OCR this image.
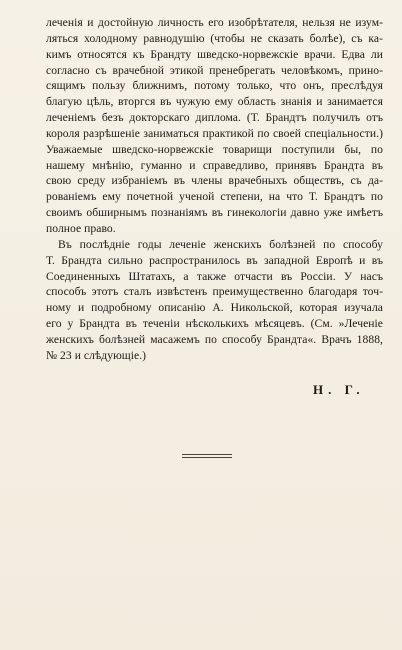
леченія и достойную личность его изобрѣтателя, нельзя не изум-
ляться холодному равнодушію (чтобы не сказать болѣе), съ ка-
кимъ относятся къ Брандту шведско-норвежскіе врачи. Едва ли
согласно съ врачебной этикой пренебрегать человѣкомъ, прино-
сящимъ пользу ближнимъ, потому только, что онъ, преслѣдуя
благую цѣль, вторгся въ чужую ему область знанія и занимается
леченіемъ безъ докторскаго диплома. (Т. Брандтъ получилъ отъ
короля разрѣшеніе заниматься практикой по своей спеціальности.)
Уважаемые шведско-норвежскіе товарищи поступили бы, по
нашему мнѣнію, гуманно и справедливо, принявъ Брандта въ
свою среду избраніемъ въ члены врачебныхъ обществъ, съ да-
рованіемъ ему почетной ученой степени, на что Т. Брандтъ по
своимъ обширнымъ познаніямъ въ гинекологіи давно уже имѣетъ
полное право.
Въ послѣдніе годы леченіе женскихъ болѣзней по способу
Т. Брандта сильно распространилось въ западной Европѣ и въ
Соединенныхъ Штатахъ, а также отчасти въ Россіи. У насъ
способъ этотъ сталъ извѣстенъ преимущественно благодаря точ-
ному и подробному описанію А. Никольской, которая изучала
его у Брандта въ теченіи нѣсколькихъ мѣсяцевъ. (См. »Леченіе
женскихъ болѣзней масажемъ по способу Брандта«. Врачъ 1888,
№ 23 и слѣдующіе.)
Н. Г.
